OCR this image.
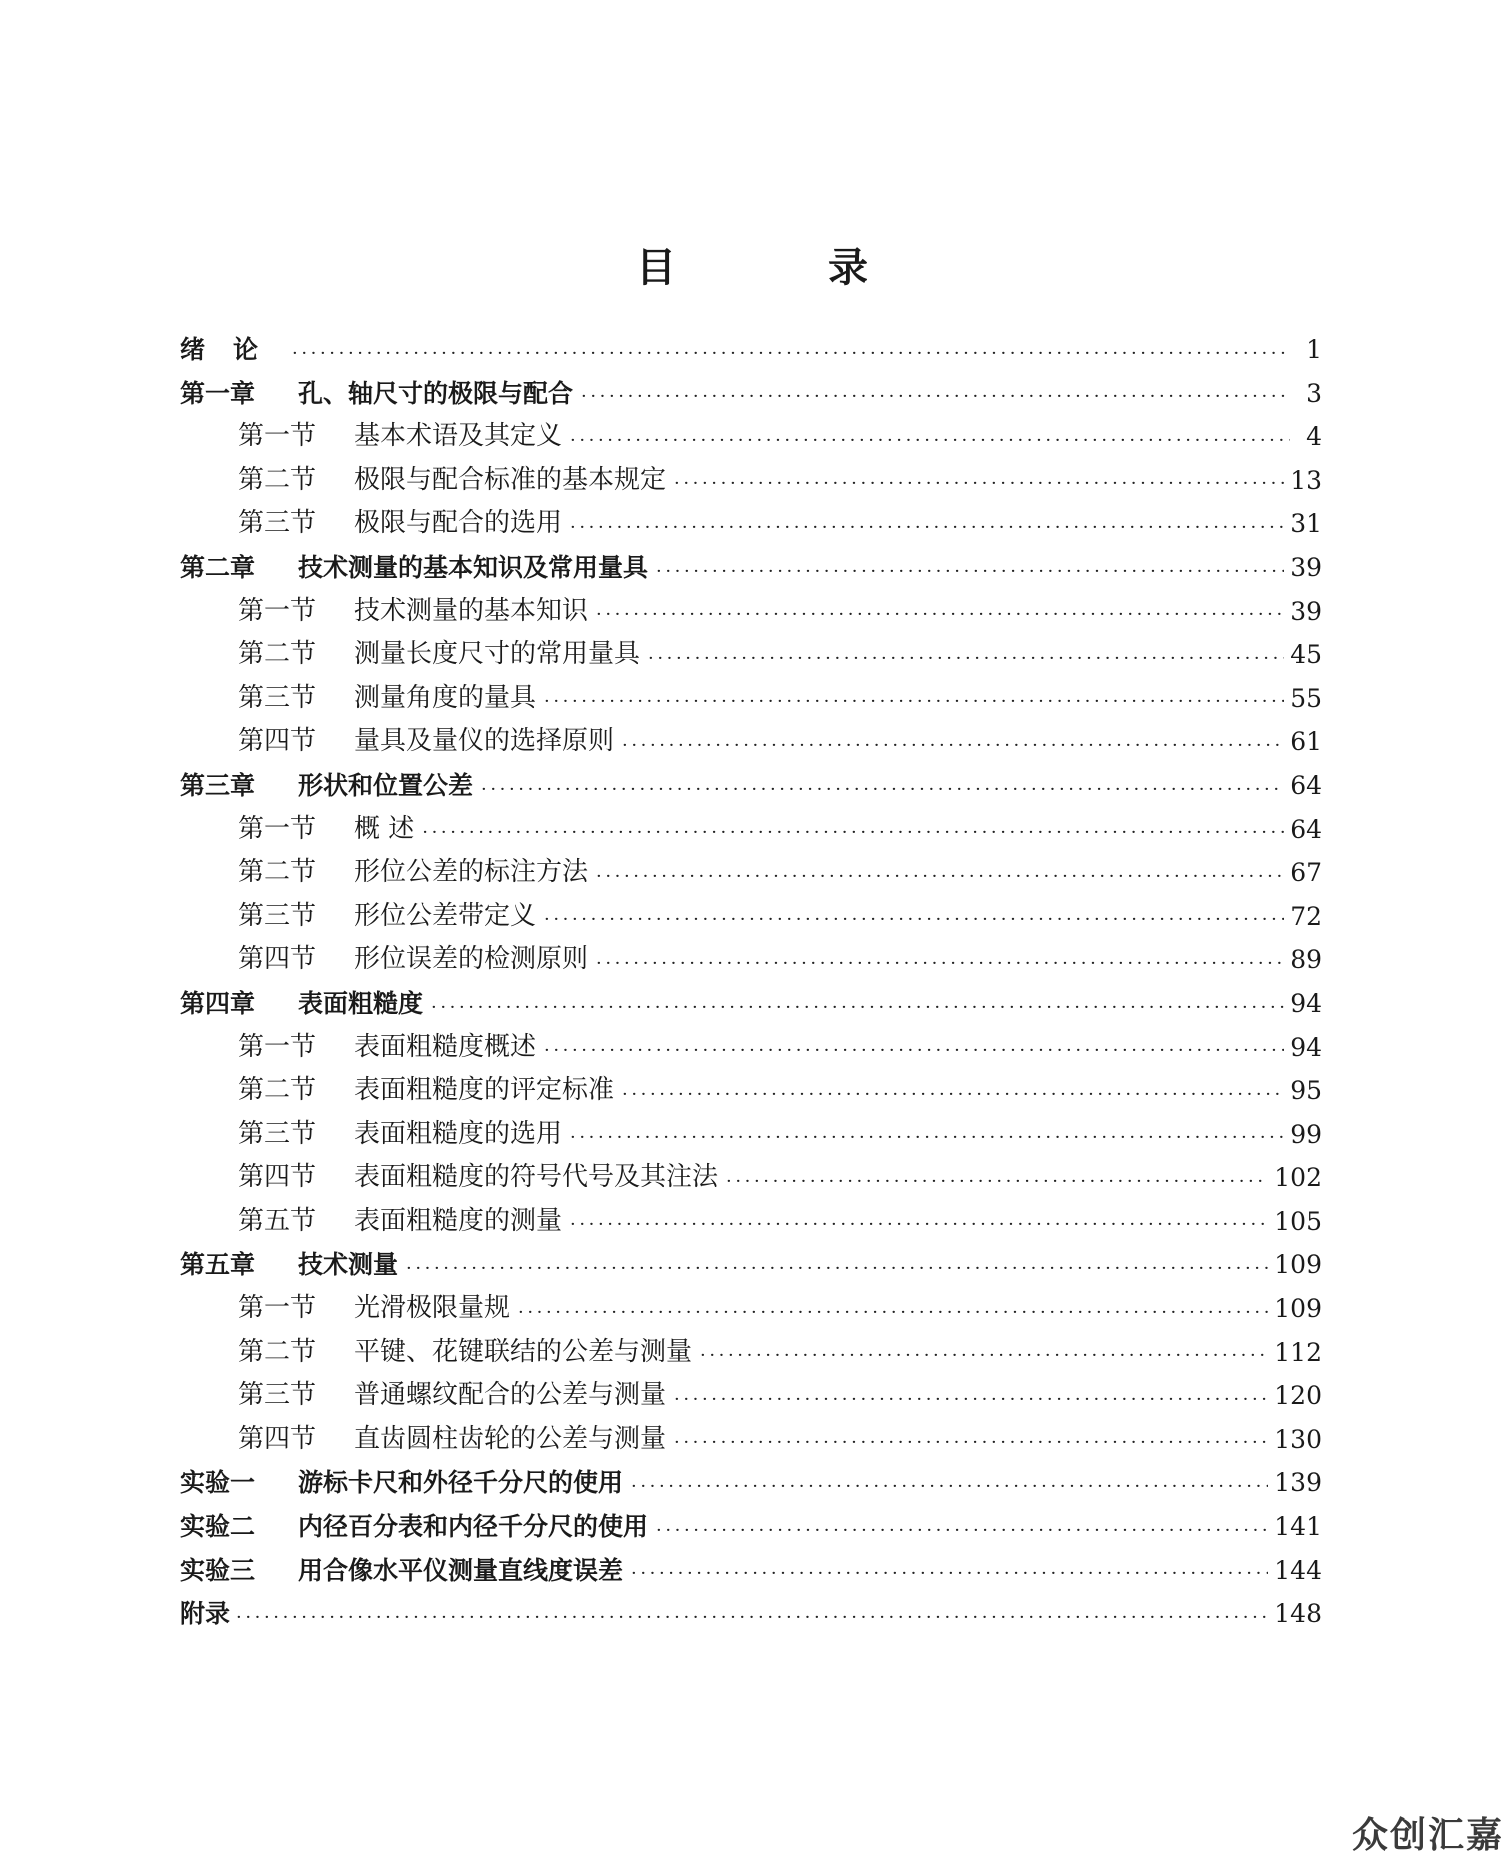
目　录
绪论 ·····	1
第一章	孔、轴尺寸的极限与配合 ·····	3
第一节	基本术语及其定义 ·····	4
第二节	极限与配合标准的基本规定 ·····	13
第三节	极限与配合的选用 ·····	31
第二章	技术测量的基本知识及常用量具 ·····	39
第一节	技术测量的基本知识 ·····	39
第二节	测量长度尺寸的常用量具 ·····	45
第三节	测量角度的量具 ·····	55
第四节	量具及量仪的选择原则 ·····	61
第三章	形状和位置公差 ·····	64
第一节	概 述 ·····	64
第二节	形位公差的标注方法 ·····	67
第三节	形位公差带定义 ·····	72
第四节	形位误差的检测原则 ·····	89
第四章	表面粗糙度 ·····	94
第一节	表面粗糙度概述 ·····	94
第二节	表面粗糙度的评定标准 ·····	95
第三节	表面粗糙度的选用 ·····	99
第四节	表面粗糙度的符号代号及其注法 ·····	102
第五节	表面粗糙度的测量 ·····	105
第五章	技术测量 ·····	109
第一节	光滑极限量规 ·····	109
第二节	平键、花键联结的公差与测量 ·····	112
第三节	普通螺纹配合的公差与测量 ·····	120
第四节	直齿圆柱齿轮的公差与测量 ·····	130
实验一	游标卡尺和外径千分尺的使用 ·····	139
实验二	内径百分表和内径千分尺的使用 ·····	141
实验三	用合像水平仪测量直线度误差 ·····	144
附录 ·····	148
众创汇嘉
